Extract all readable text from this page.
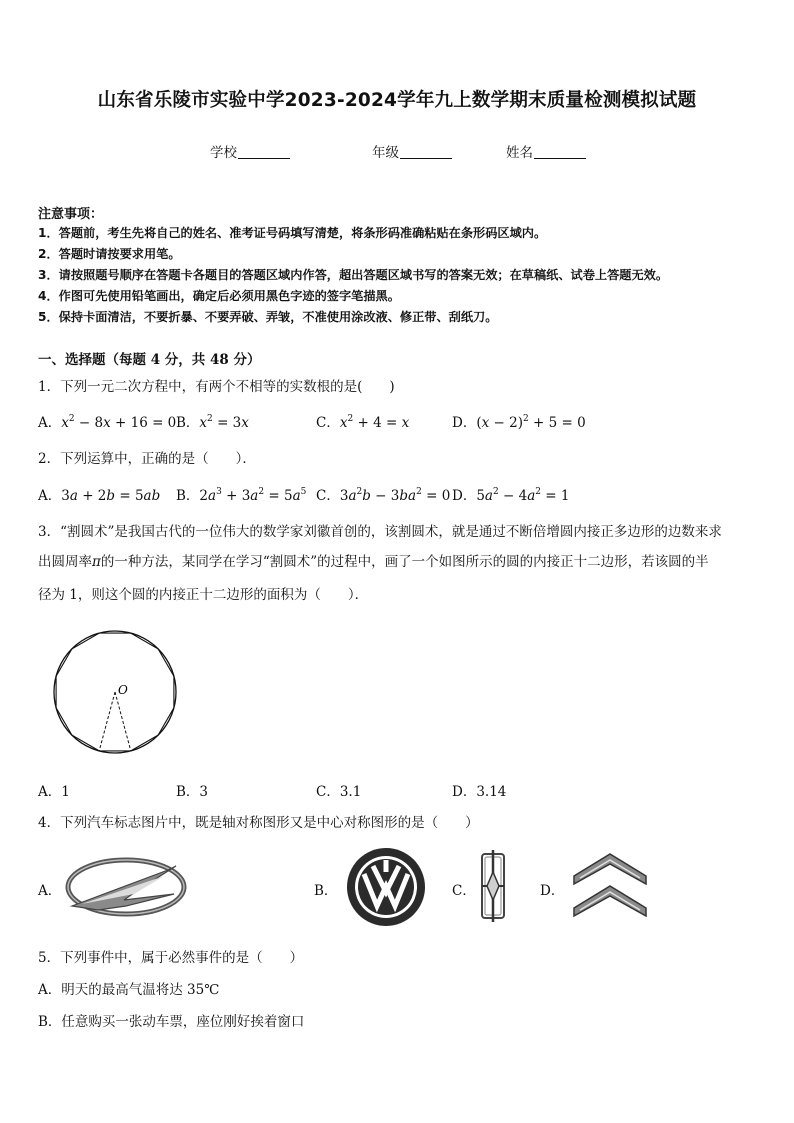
山东省乐陵市实验中学2023-2024学年九上数学期末质量检测模拟试题
学校	年级	姓名
注意事项：
1．答题前，考生先将自己的姓名、准考证号码填写清楚，将条形码准确粘贴在条形码区域内。
2．答题时请按要求用笔。
3．请按照题号顺序在答题卡各题目的答题区域内作答，超出答题区域书写的答案无效；在草稿纸、试卷上答题无效。
4．作图可先使用铅笔画出，确定后必须用黑色字迹的签字笔描黑。
5．保持卡面清洁，不要折暴、不要弄破、弄皱，不准使用涂改液、修正带、刮纸刀。
一、选择题（每题 4 分，共 48 分）
1．下列一元二次方程中，有两个不相等的实数根的是(　　)
A．$x^2 - 8x + 16 = 0$ B．$x^2 = 3x$	C．$x^2 + 4 = x$	D．$(x - 2)^2 + 5 = 0$
2．下列运算中，正确的是（　　）．
A．3a + 2b = 5ab B．$2a^3 + 3a^2 = 5a^5$ C．$3a^2b - 3ba^2 = 0$ D．$5a^2 - 4a^2 = 1$
3．“割圆术”是我国古代的一位伟大的数学家刘徽首创的，该割圆术，就是通过不断倍增圆内接正多边形的边数来求
出圆周率π的一种方法，某同学在学习“割圆术”的过程中，画了一个如图所示的圆的内接正十二边形，若该圆的半
径为 1，则这个圆的内接正十二边形的面积为（　　）．
O
A．1	B．3	C．3.1	D．3.14
4．下列汽车标志图片中，既是轴对称图形又是中心对称图形的是（　　）
A．	B．	C．	D．
5．下列事件中，属于必然事件的是（　　）
A．明天的最高气温将达 35℃
B．任意购买一张动车票，座位刚好挨着窗口
